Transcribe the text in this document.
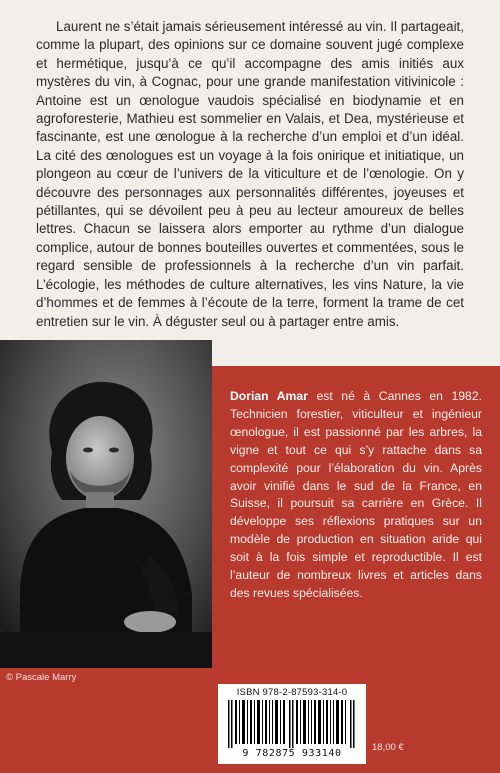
Laurent ne s’était jamais sérieusement intéressé au vin. Il partageait, comme la plupart, des opinions sur ce domaine souvent jugé complexe et hermétique, jusqu’à ce qu’il accompagne des amis initiés aux mystères du vin, à Cognac, pour une grande manifestation vitivinicole : Antoine est un œnologue vaudois spécialisé en biodynamie et en agroforesterie, Mathieu est sommelier en Valais, et Dea, mystérieuse et fascinante, est une œnologue à la recherche d’un emploi et d’un idéal. La cité des œnologues est un voyage à la fois onirique et initiatique, un plongeon au cœur de l’univers de la viticulture et de l’œnologie. On y découvre des personnages aux personnalités différentes, joyeuses et pétillantes, qui se dévoilent peu à peu au lecteur amoureux de belles lettres. Chacun se laissera alors emporter au rythme d’un dialogue complice, autour de bonnes bouteilles ouvertes et commentées, sous le regard sensible de professionnels à la recherche d’un vin parfait. L’écologie, les méthodes de culture alternatives, les vins Nature, la vie d’hommes et de femmes à l’écoute de la terre, forment la trame de cet entretien sur le vin. À déguster seul ou à partager entre amis.
Dorian Amar est né à Cannes en 1982. Technicien forestier, viticulteur et ingénieur œnologue, il est passionné par les arbres, la vigne et tout ce qui s’y rattache dans sa complexité pour l’élaboration du vin. Après avoir vinifié dans le sud de la France, en Suisse, il poursuit sa carrière en Grèce. Il développe ses réflexions pratiques sur un modèle de production en situation aride qui soit à la fois simple et reproductible. Il est l’auteur de nombreux livres et articles dans des revues spécialisées.
© Pascale Marry
ISBN 978-2-87593-314-0
9 782875 933140
18,00 €
